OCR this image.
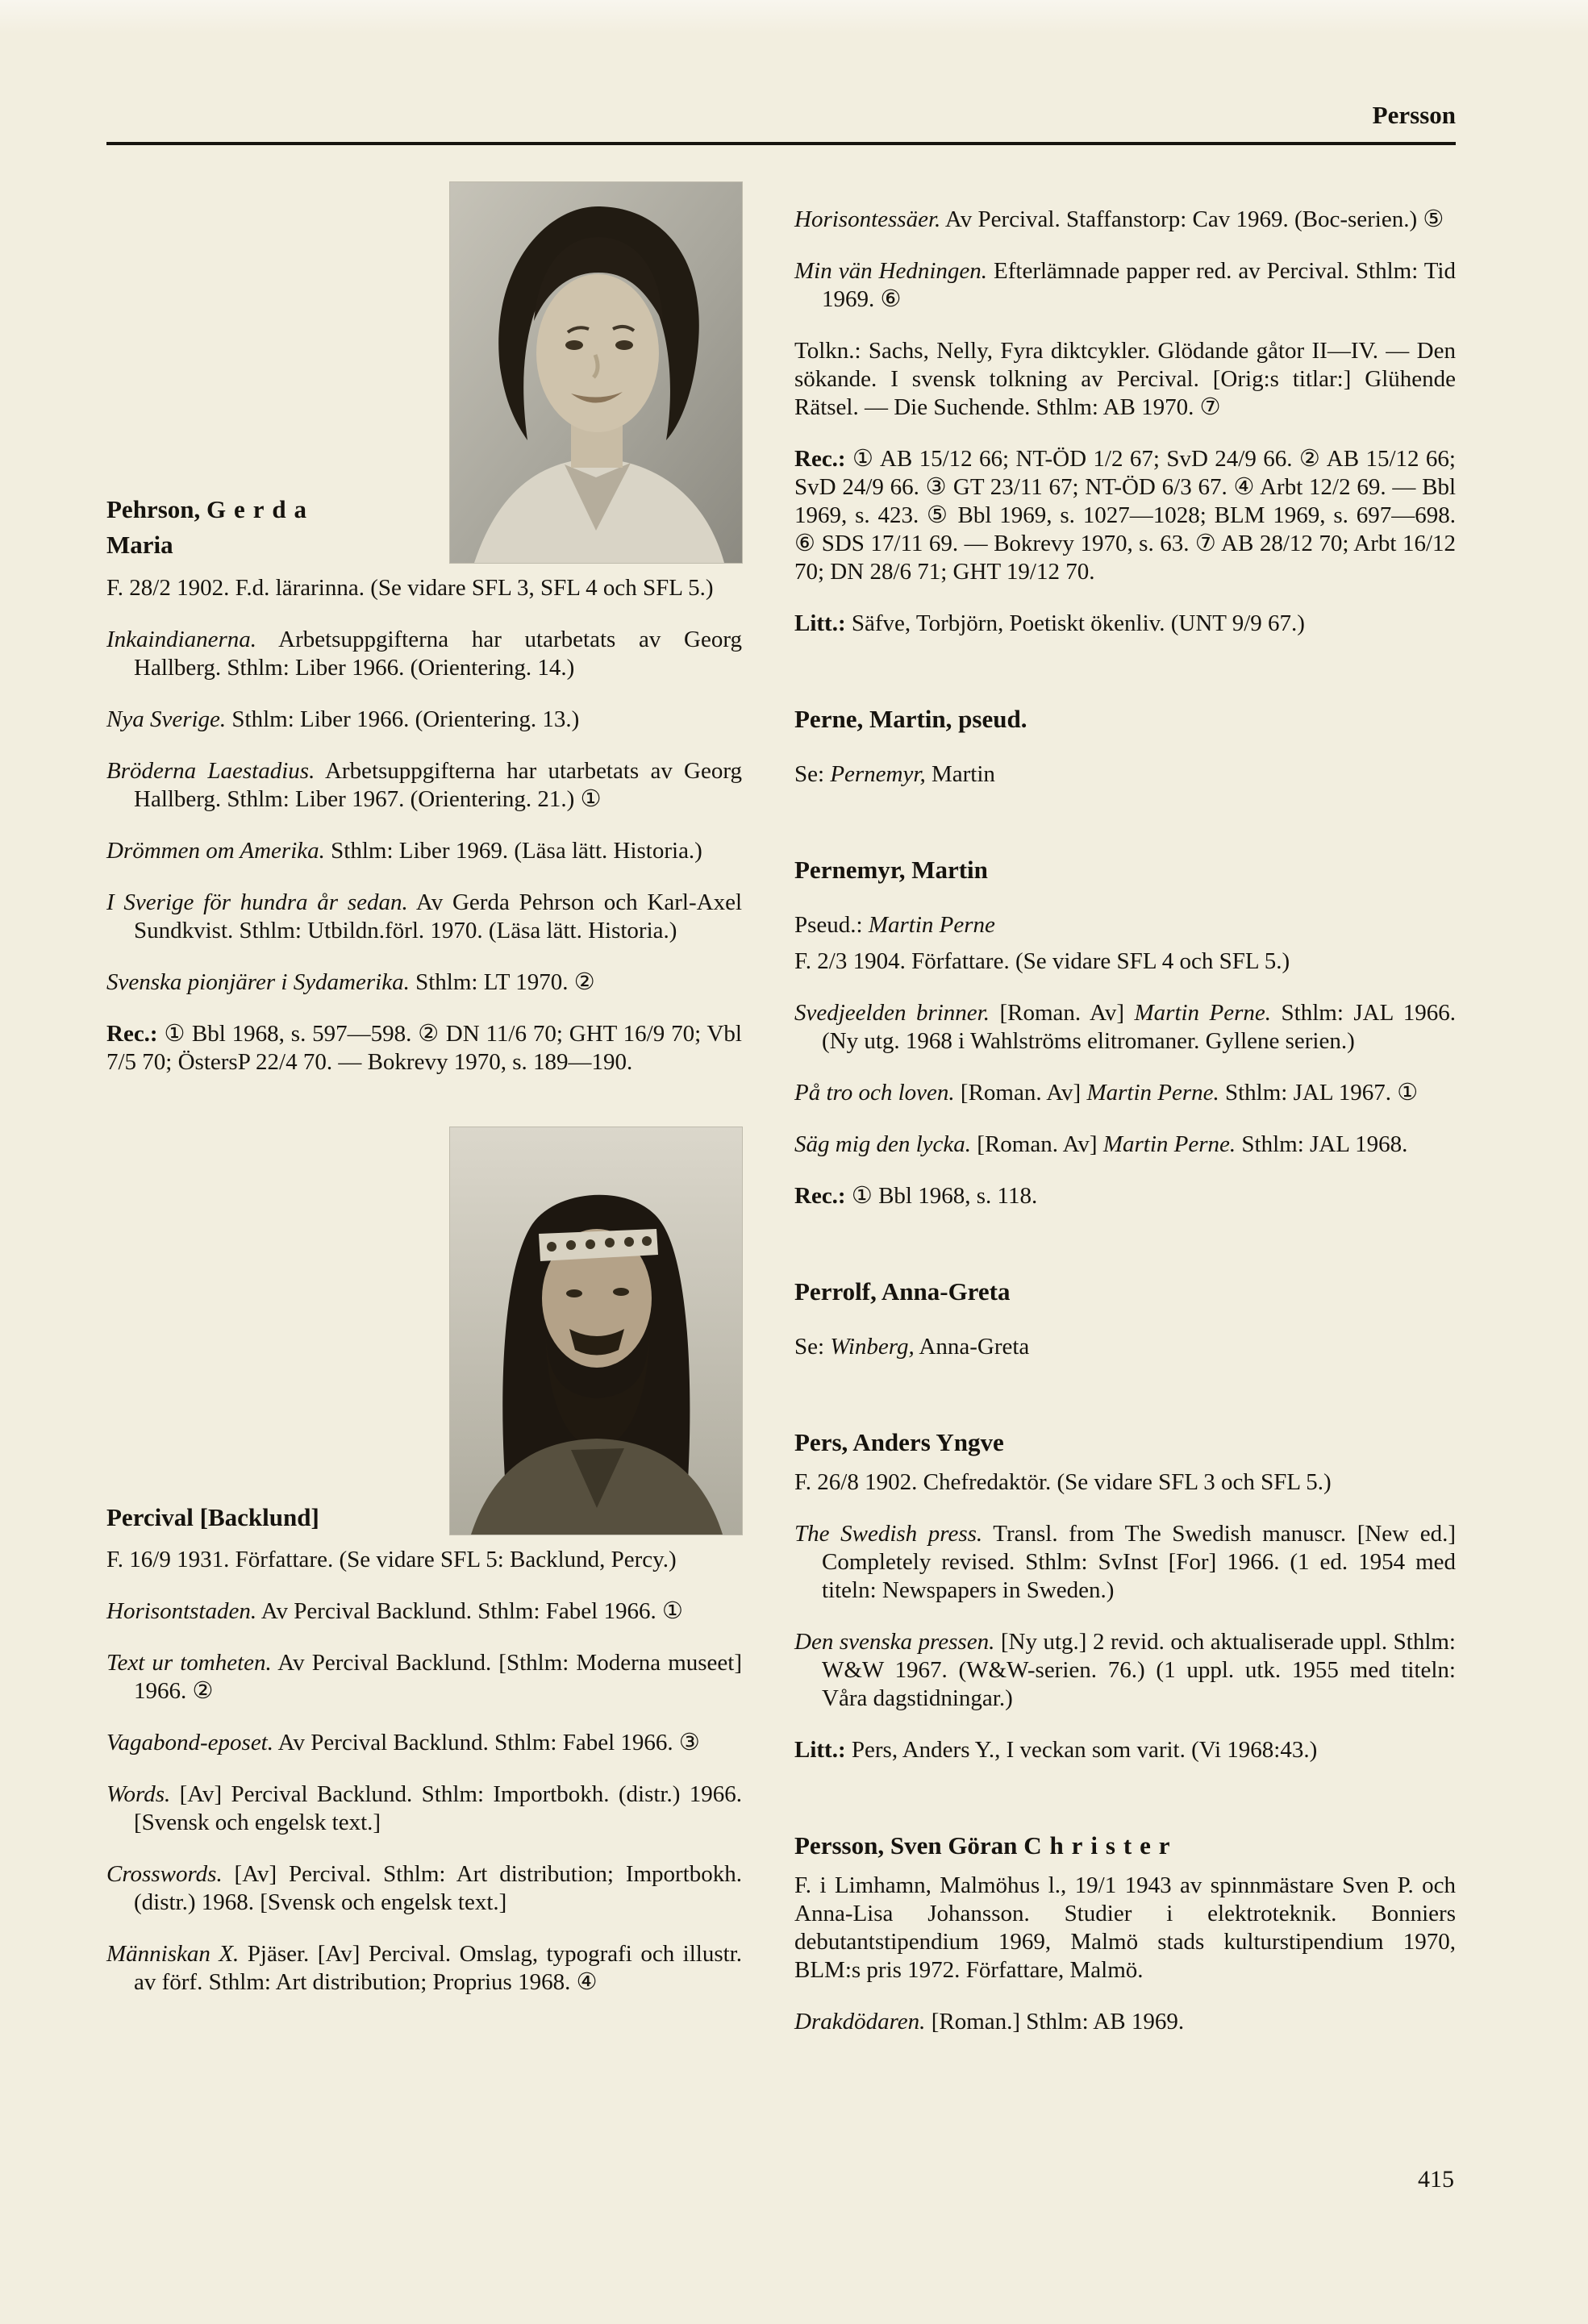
Persson
Pehrson, Gerda
Maria

F. 28/2 1902. F.d. lärarinna. (Se vidare SFL 3, SFL 4 och SFL 5.)

Inkaindianerna. Arbetsuppgifterna har utarbetats av Georg Hallberg. Sthlm: Liber 1966. (Orientering. 14.)

Nya Sverige. Sthlm: Liber 1966. (Orientering. 13.)

Bröderna Laestadius. Arbetsuppgifterna har utarbetats av Georg Hallberg. Sthlm: Liber 1967. (Orientering. 21.) ①

Drömmen om Amerika. Sthlm: Liber 1969. (Läsa lätt. Historia.)

I Sverige för hundra år sedan. Av Gerda Pehrson och Karl-Axel Sundkvist. Sthlm: Utbildn.förl. 1970. (Läsa lätt. Historia.)

Svenska pionjärer i Sydamerika. Sthlm: LT 1970. ②

Rec.: ① Bbl 1968, s. 597—598. ② DN 11/6 70; GHT 16/9 70; Vbl 7/5 70; ÖstersP 22/4 70. — Bokrevy 1970, s. 189—190.

Percival [Backlund]

F. 16/9 1931. Författare. (Se vidare SFL 5: Backlund, Percy.)

Horisontstaden. Av Percival Backlund. Sthlm: Fabel 1966. ①

Text ur tomheten. Av Percival Backlund. [Sthlm: Moderna museet] 1966. ②

Vagabond-eposet. Av Percival Backlund. Sthlm: Fabel 1966. ③

Words. [Av] Percival Backlund. Sthlm: Importbokh. (distr.) 1966. [Svensk och engelsk text.]

Crosswords. [Av] Percival. Sthlm: Art distribution; Importbokh. (distr.) 1968. [Svensk och engelsk text.]

Människan X. Pjäser. [Av] Percival. Omslag, typografi och illustr. av förf. Sthlm: Art distribution; Proprius 1968. ④

Horisontessäer. Av Percival. Staffanstorp: Cav 1969. (Boc-serien.) ⑤

Min vän Hedningen. Efterlämnade papper red. av Percival. Sthlm: Tid 1969. ⑥

Tolkn.: Sachs, Nelly, Fyra diktcykler. Glödande gåtor II—IV. — Den sökande. I svensk tolkning av Percival. [Orig:s titlar:] Glühende Rätsel. — Die Suchende. Sthlm: AB 1970. ⑦

Rec.: ① AB 15/12 66; NT-ÖD 1/2 67; SvD 24/9 66. ② AB 15/12 66; SvD 24/9 66. ③ GT 23/11 67; NT-ÖD 6/3 67. ④ Arbt 12/2 69. — Bbl 1969, s. 423. ⑤ Bbl 1969, s. 1027—1028; BLM 1969, s. 697—698. ⑥ SDS 17/11 69. — Bokrevy 1970, s. 63. ⑦ AB 28/12 70; Arbt 16/12 70; DN 28/6 71; GHT 19/12 70.

Litt.: Säfve, Torbjörn, Poetiskt ökenliv. (UNT 9/9 67.)

Perne, Martin, pseud.

Se: Pernemyr, Martin

Pernemyr, Martin

Pseud.: Martin Perne

F. 2/3 1904. Författare. (Se vidare SFL 4 och SFL 5.)

Svedjeelden brinner. [Roman. Av] Martin Perne. Sthlm: JAL 1966. (Ny utg. 1968 i Wahlströms elitromaner. Gyllene serien.)

På tro och loven. [Roman. Av] Martin Perne. Sthlm: JAL 1967. ①

Säg mig den lycka. [Roman. Av] Martin Perne. Sthlm: JAL 1968.

Rec.: ① Bbl 1968, s. 118.

Perrolf, Anna-Greta

Se: Winberg, Anna-Greta

Pers, Anders Yngve

F. 26/8 1902. Chefredaktör. (Se vidare SFL 3 och SFL 5.)

The Swedish press. Transl. from The Swedish manuscr. [New ed.] Completely revised. Sthlm: SvInst [For] 1966. (1 ed. 1954 med titeln: Newspapers in Sweden.)

Den svenska pressen. [Ny utg.] 2 revid. och aktualiserade uppl. Sthlm: W&W 1967. (W&W-serien. 76.) (1 uppl. utk. 1955 med titeln: Våra dagstidningar.)

Litt.: Pers, Anders Y., I veckan som varit. (Vi 1968:43.)

Persson, Sven Göran Christer

F. i Limhamn, Malmöhus l., 19/1 1943 av spinnmästare Sven P. och Anna-Lisa Johansson. Studier i elektroteknik. Bonniers debutantstipendium 1969, Malmö stads kulturstipendium 1970, BLM:s pris 1972. Författare, Malmö.

Drakdödaren. [Roman.] Sthlm: AB 1969.

415
